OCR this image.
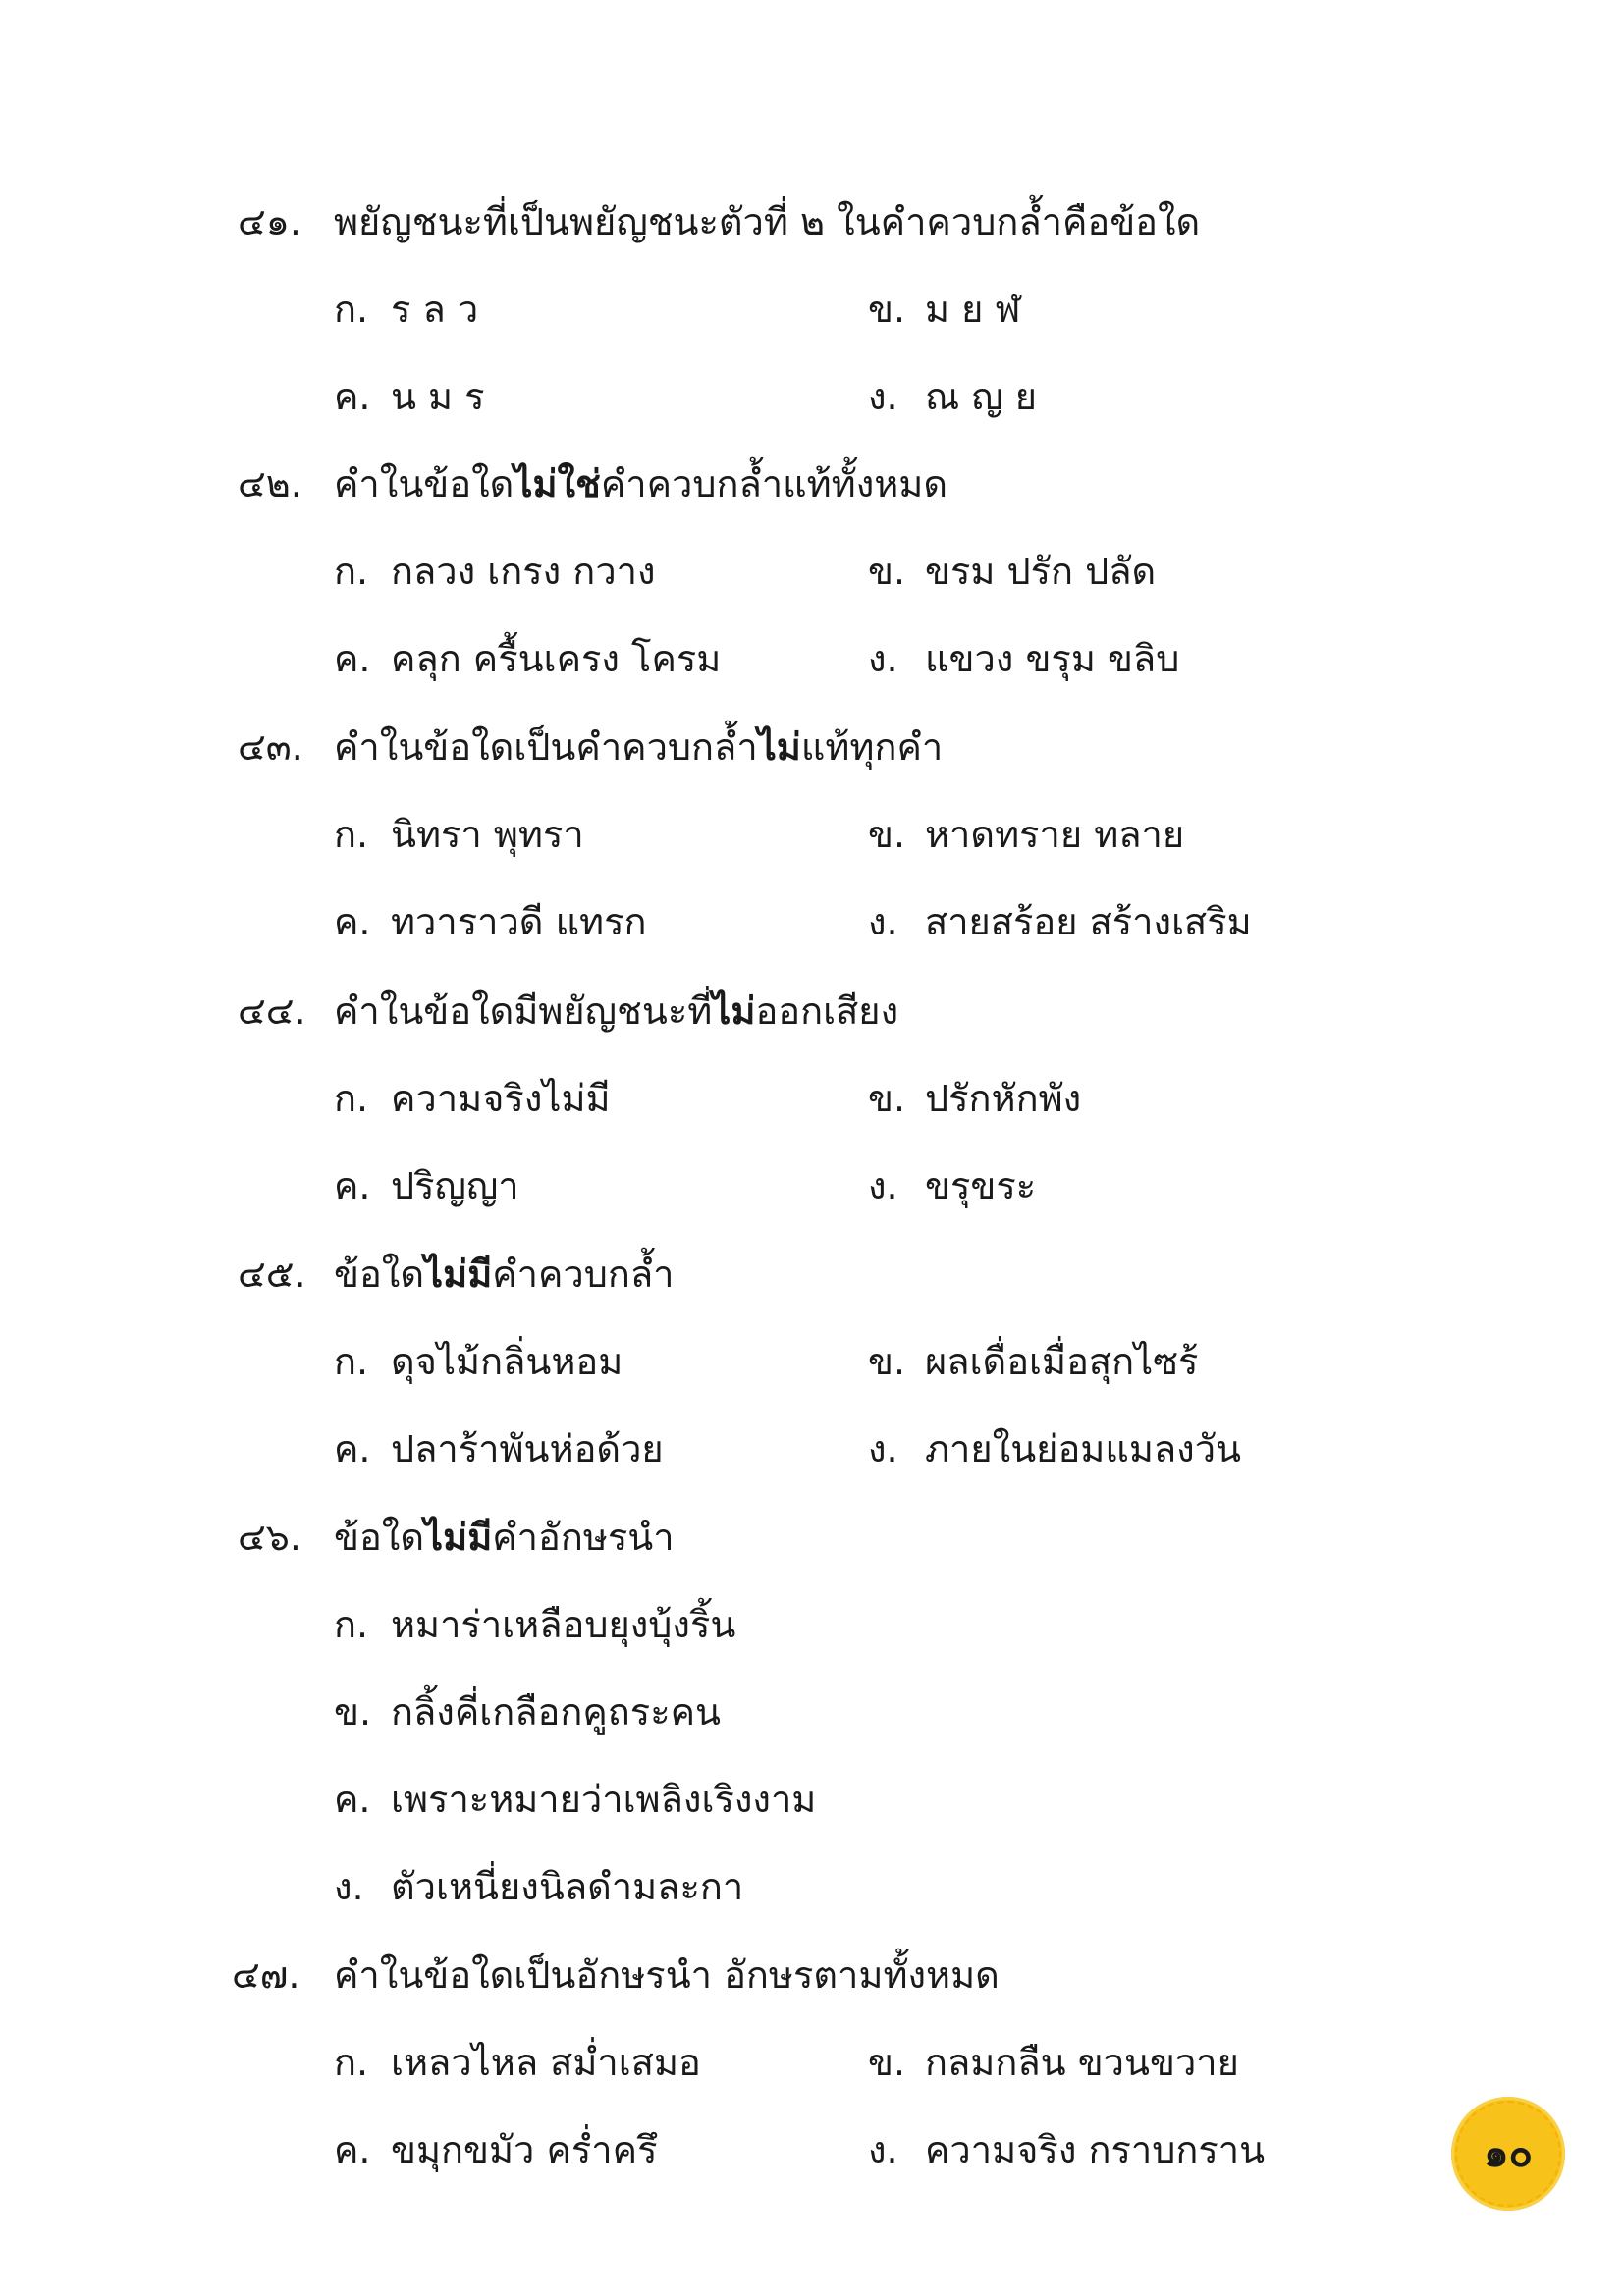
๔๑. พยัญชนะที่เป็นพยัญชนะตัวที่ ๒ ในคำควบกล้ำคือข้อใด
ก. ร ล ว	ข. ม ย ฬ
ค. น ม ร	ง. ณ ญ ย
๔๒. คำในข้อใดไม่ใช่คำควบกล้ำแท้ทั้งหมด
ก. กลวง เกรง กวาง	ข. ขรม ปรัก ปลัด
ค. คลุก ครื้นเครง โครม	ง. แขวง ขรุม ขลิบ
๔๓. คำในข้อใดเป็นคำควบกล้ำไม่แท้ทุกคำ
ก. นิทรา พุทรา	ข. หาดทราย ทลาย
ค. ทวาราวดี แทรก	ง. สายสร้อย สร้างเสริม
๔๔. คำในข้อใดมีพยัญชนะที่ไม่ออกเสียง
ก. ความจริงไม่มี	ข. ปรักหักพัง
ค. ปริญญา	ง. ขรุขระ
๔๕. ข้อใดไม่มีคำควบกล้ำ
ก. ดุจไม้กลิ่นหอม	ข. ผลเดื่อเมื่อสุกไซร้
ค. ปลาร้าพันห่อด้วย	ง. ภายในย่อมแมลงวัน
๔๖. ข้อใดไม่มีคำอักษรนำ
ก. หมาร่าเหลือบยุงบุ้งริ้น
ข. กลิ้งคี่เกลือกคูถระคน
ค. เพราะหมายว่าเพลิงเริงงาม
ง. ตัวเหนี่ยงนิลดำมละกา
๔๗. คำในข้อใดเป็นอักษรนำ อักษรตามทั้งหมด
ก. เหลวไหล สม่ำเสมอ	ข. กลมกลืน ขวนขวาย
ค. ขมุกขมัว คร่ำครึ	ง. ความจริง กราบกราน	๑๐
